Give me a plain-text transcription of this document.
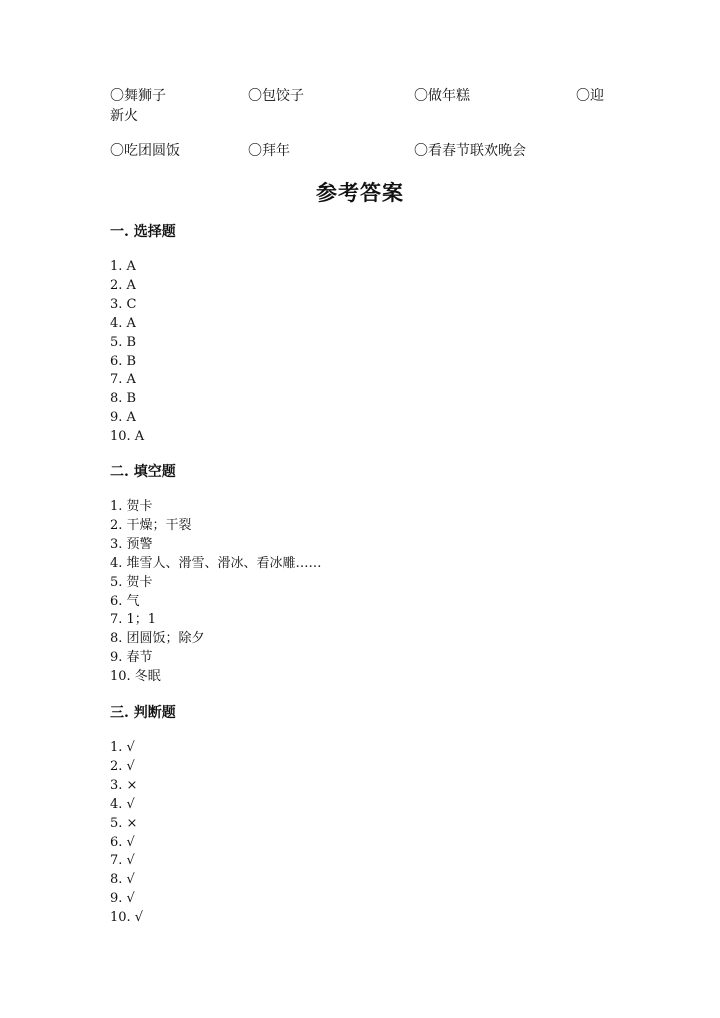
〇舞狮子	〇包饺子	〇做年糕	〇迎
新火
〇吃团圆饭	〇拜年	〇看春节联欢晚会
参考答案
一. 选择题
1. A
2. A
3. C
4. A
5. B
6. B
7. A
8. B
9. A
10. A
二. 填空题
1. 贺卡
2. 干燥；干裂
3. 预警
4. 堆雪人、滑雪、滑冰、看冰雕……
5. 贺卡
6. 气
7. 1；1
8. 团圆饭；除夕
9. 春节
10. 冬眠
三. 判断题
1. √
2. √
3. ×
4. √
5. ×
6. √
7. √
8. √
9. √
10. √
